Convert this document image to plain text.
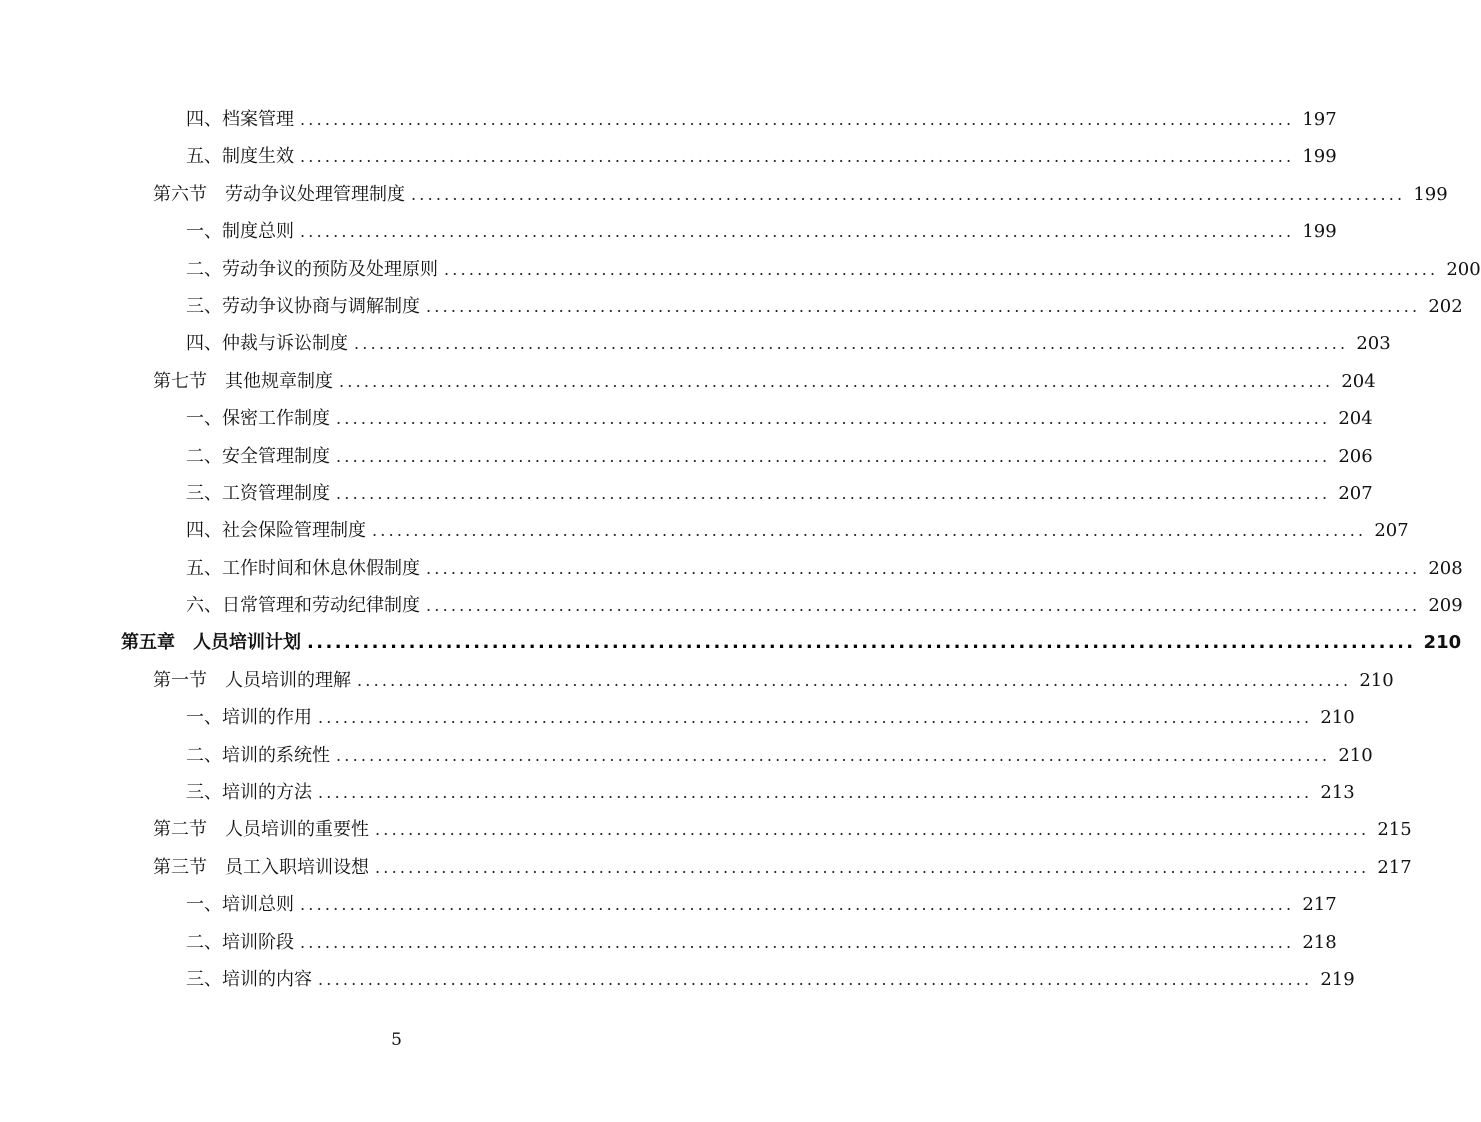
四、档案管理 ........................................................................................................................ 197
五、制度生效 ........................................................................................................................ 199
第六节　劳动争议处理管理制度 ........................................................................................................................ 199
一、制度总则 ........................................................................................................................ 199
二、劳动争议的预防及处理原则 ........................................................................................................................ 200
三、劳动争议协商与调解制度 ........................................................................................................................ 202
四、仲裁与诉讼制度 ........................................................................................................................ 203
第七节　其他规章制度 ........................................................................................................................ 204
一、保密工作制度 ........................................................................................................................ 204
二、安全管理制度 ........................................................................................................................ 206
三、工资管理制度 ........................................................................................................................ 207
四、社会保险管理制度 ........................................................................................................................ 207
五、工作时间和休息休假制度 ........................................................................................................................ 208
六、日常管理和劳动纪律制度 ........................................................................................................................ 209
第五章　人员培训计划 ........................................................................................................................ 210
第一节　人员培训的理解 ........................................................................................................................ 210
一、培训的作用 ........................................................................................................................ 210
二、培训的系统性 ........................................................................................................................ 210
三、培训的方法 ........................................................................................................................ 213
第二节　人员培训的重要性 ........................................................................................................................ 215
第三节　员工入职培训设想 ........................................................................................................................ 217
一、培训总则 ........................................................................................................................ 217
二、培训阶段 ........................................................................................................................ 218
三、培训的内容 ........................................................................................................................ 219
5
